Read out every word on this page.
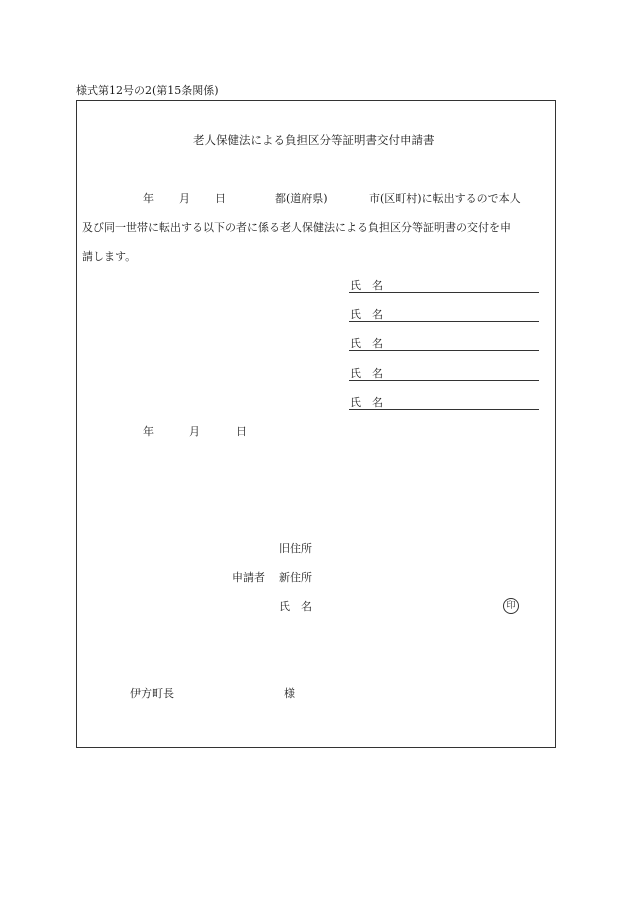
様式第12号の2(第15条関係)
老人保健法による負担区分等証明書交付申請書
年 月 日	都(道府県)	市(区町村)に転出するので本人
及び同一世帯に転出する以下の者に係る老人保健法による負担区分等証明書の交付を申
請します。
氏　名
氏　名
氏　名
氏　名
氏　名
年	月	日
旧住所
申請者 新住所
氏　名	印
伊方町長	様
